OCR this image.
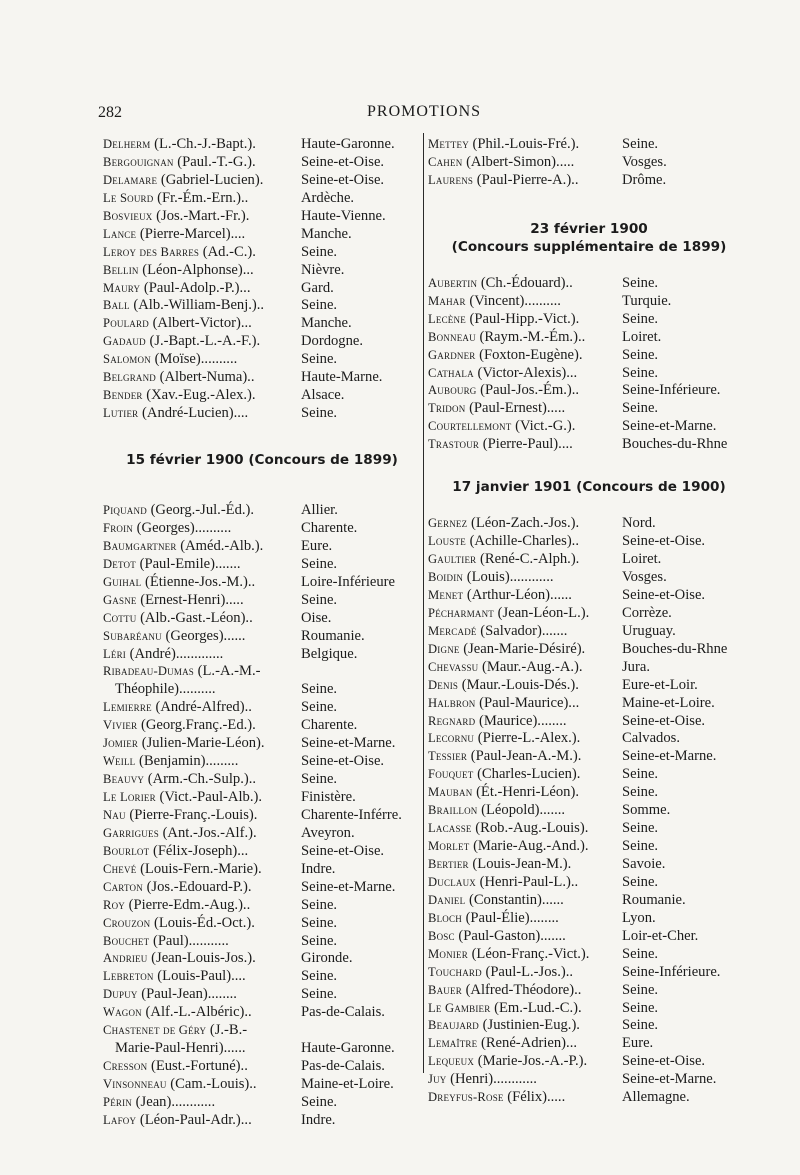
282	PROMOTIONS
Delherm (L.-Ch.-J.-Bapt.).	Haute-Garonne.
Bergouignan (Paul.-T.-G.).	Seine-et-Oise.
Delamare (Gabriel-Lucien).	Seine-et-Oise.
Le Sourd (Fr.-Ém.-Ern.)..	Ardèche.
Bosvieux (Jos.-Mart.-Fr.).	Haute-Vienne.
Lance (Pierre-Marcel)....	Manche.
Leroy des Barres (Ad.-C.).	Seine.
Bellin (Léon-Alphonse)...	Nièvre.
Maury (Paul-Adolp.-P.)...	Gard.
Ball (Alb.-William-Benj.)..	Seine.
Poulard (Albert-Victor)...	Manche.
Gadaud (J.-Bapt.-L.-A.-F.).	Dordogne.
Salomon (Moïse)..........	Seine.
Belgrand (Albert-Numa)..	Haute-Marne.
Bender (Xav.-Eug.-Alex.).	Alsace.
Lutier (André-Lucien)....	Seine.
15 février 1900 (Concours de 1899)
Piquand (Georg.-Jul.-Éd.).	Allier.
Froin (Georges)..........	Charente.
Baumgartner (Améd.-Alb.).	Eure.
Detot (Paul-Emile).......	Seine.
Guihal (Étienne-Jos.-M.)..	Loire-Inférieure
Gasne (Ernest-Henri).....	Seine.
Cottu (Alb.-Gast.-Léon)..	Oise.
Subaréanu (Georges)......	Roumanie.
Léri (André).............	Belgique.
Ribadeau-Dumas (L.-A.-M.-
Théophile)..........	Seine.
Lemierre (André-Alfred)..	Seine.
Vivier (Georg.Franç.-Ed.).	Charente.
Jomier (Julien-Marie-Léon). Seine-et-Marne.
Weill (Benjamin).........	Seine-et-Oise.
Beauvy (Arm.-Ch.-Sulp.)..	Seine.
Le Lorier (Vict.-Paul-Alb.).	Finistère.
Nau (Pierre-Franç.-Louis).	Charente-Inférre.
Garrigues (Ant.-Jos.-Alf.).	Aveyron.
Bourlot (Félix-Joseph)...	Seine-et-Oise.
Chevé (Louis-Fern.-Marie).	Indre.
Carton (Jos.-Edouard-P.).	Seine-et-Marne.
Roy (Pierre-Edm.-Aug.)..	Seine.
Crouzon (Louis-Éd.-Oct.).	Seine.
Bouchet (Paul)...........	Seine.
Andrieu (Jean-Louis-Jos.).	Gironde.
Lebreton (Louis-Paul)....	Seine.
Dupuy (Paul-Jean)........	Seine.
Wagon (Alf.-L.-Albéric)..	Pas-de-Calais.
Chastenet de Géry (J.-B.-
Marie-Paul-Henri)......	Haute-Garonne.
Cresson (Eust.-Fortuné)..	Pas-de-Calais.
Vinsonneau (Cam.-Louis)..	Maine-et-Loire.
Périn (Jean)............	Seine.
Lafoy (Léon-Paul-Adr.)...	Indre.
Mettey (Phil.-Louis-Fré.).	Seine.
Cahen (Albert-Simon).....	Vosges.
Laurens (Paul-Pierre-A.)..	Drôme.
23 février 1900
(Concours supplémentaire de 1899)
Aubertin (Ch.-Édouard)..	Seine.
Mahar (Vincent)..........	Turquie.
Lecène (Paul-Hipp.-Vict.).	Seine.
Bonneau (Raym.-M.-Ém.)..	Loiret.
Gardner (Foxton-Eugène).	Seine.
Cathala (Victor-Alexis)...	Seine.
Aubourg (Paul-Jos.-Ém.)..	Seine-Inférieure.
Tridon (Paul-Ernest).....	Seine.
Courtellemont (Vict.-G.).	Seine-et-Marne.
Trastour (Pierre-Paul)....	Bouches-du-Rhne
17 janvier 1901 (Concours de 1900)
Gernez (Léon-Zach.-Jos.).	Nord.
Louste (Achille-Charles)..	Seine-et-Oise.
Gaultier (René-C.-Alph.).	Loiret.
Boidin (Louis)............	Vosges.
Menet (Arthur-Léon)......	Seine-et-Oise.
Pécharmant (Jean-Léon-L.). Corrèze.
Mercadé (Salvador).......	Uruguay.
Digne (Jean-Marie-Désiré).	Bouches-du-Rhne
Chevassu (Maur.-Aug.-A.).	Jura.
Denis (Maur.-Louis-Dés.).	Eure-et-Loir.
Halbron (Paul-Maurice)...	Maine-et-Loire.
Regnard (Maurice)........	Seine-et-Oise.
Lecornu (Pierre-L.-Alex.).	Calvados.
Tessier (Paul-Jean-A.-M.).	Seine-et-Marne.
Fouquet (Charles-Lucien).	Seine.
Mauban (Ét.-Henri-Léon).	Seine.
Braillon (Léopold).......	Somme.
Lacasse (Rob.-Aug.-Louis). Seine.
Morlet (Marie-Aug.-And.). Seine.
Bertier (Louis-Jean-M.).	Savoie.
Duclaux (Henri-Paul-L.)..	Seine.
Daniel (Constantin)......	Roumanie.
Bloch (Paul-Élie)........	Lyon.
Bosc (Paul-Gaston).......	Loir-et-Cher.
Monier (Léon-Franç.-Vict.). Seine.
Touchard (Paul-L.-Jos.)..	Seine-Inférieure.
Bauer (Alfred-Théodore)..	Seine.
Le Gambier (Em.-Lud.-C.).	Seine.
Beaujard (Justinien-Eug.).	Seine.
Lemaître (René-Adrien)...	Eure.
Lequeux (Marie-Jos.-A.-P.). Seine-et-Oise.
Juy (Henri)............	Seine-et-Marne.
Dreyfus-Rose (Félix).....	Allemagne.
